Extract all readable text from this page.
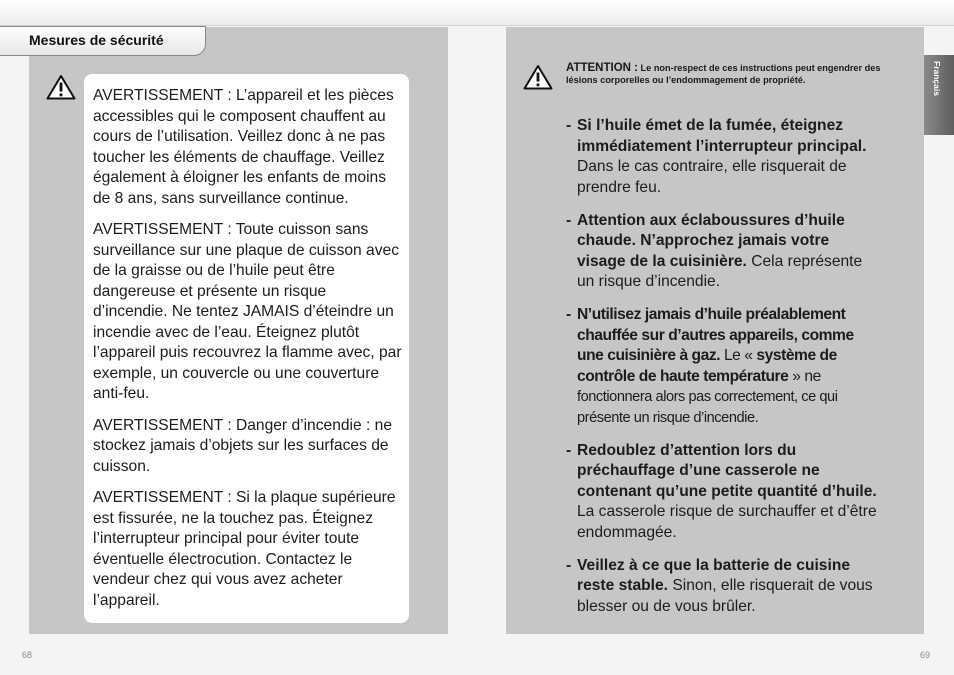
Mesures de sécurité
Français

AVERTISSEMENT : L’appareil et les pièces accessibles qui le composent chauffent au cours de l’utilisation. Veillez donc à ne pas toucher les éléments de chauffage. Veillez également à éloigner les enfants de moins de 8 ans, sans surveillance continue.

AVERTISSEMENT : Toute cuisson sans surveillance sur une plaque de cuisson avec de la graisse ou de l’huile peut être dangereuse et présente un risque d’incendie. Ne tentez JAMAIS d’éteindre un incendie avec de l’eau. Éteignez plutôt l’appareil puis recouvrez la flamme avec, par exemple, un couvercle ou une couverture anti-feu.

AVERTISSEMENT : Danger d’incendie : ne stockez jamais d’objets sur les surfaces de cuisson.

AVERTISSEMENT : Si la plaque supérieure est fissurée, ne la touchez pas. Éteignez l’interrupteur principal pour éviter toute éventuelle électrocution. Contactez le vendeur chez qui vous avez acheter l’appareil.

ATTENTION : Le non-respect de ces instructions peut engendrer des lésions corporelles ou l’endommagement de propriété.
- Si l’huile émet de la fumée, éteignez immédiatement l’interrupteur principal. Dans le cas contraire, elle risquerait de prendre feu.
- Attention aux éclaboussures d’huile chaude. N’approchez jamais votre visage de la cuisinière. Cela représente un risque d’incendie.
- N’utilisez jamais d’huile préalablement chauffée sur d’autres appareils, comme une cuisinière à gaz. Le « système de contrôle de haute température » ne fonctionnera alors pas correctement, ce qui présente un risque d’incendie.
- Redoublez d’attention lors du préchauffage d’une casserole ne contenant qu’une petite quantité d’huile. La casserole risque de surchauffer et d’être endommagée.
- Veillez à ce que la batterie de cuisine reste stable. Sinon, elle risquerait de vous blesser ou de vous brûler.
68	69
